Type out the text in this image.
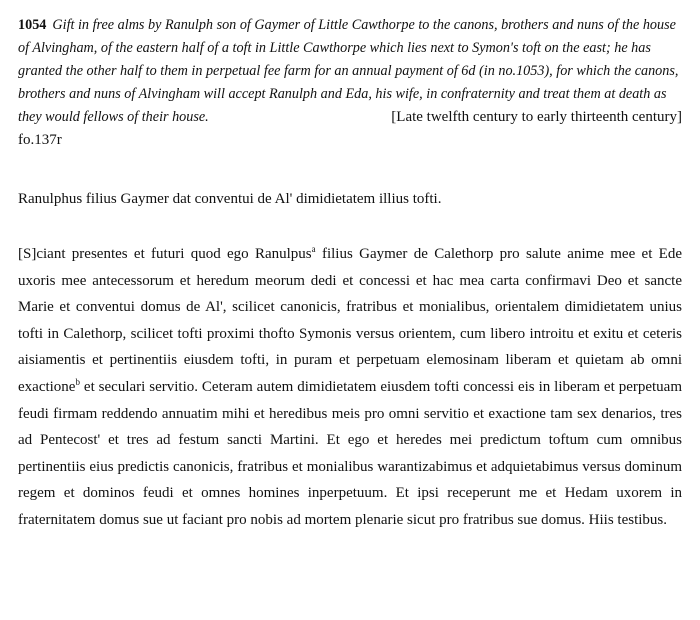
1054 Gift in free alms by Ranulph son of Gaymer of Little Cawthorpe to the canons, brothers and nuns of the house of Alvingham, of the eastern half of a toft in Little Cawthorpe which lies next to Symon's toft on the east; he has granted the other half to them in perpetual fee farm for an annual payment of 6d (in no.1053), for which the canons, brothers and nuns of Alvingham will accept Ranulph and Eda, his wife, in confraternity and treat them at death as they would fellows of their house.	[Late twelfth century to early thirteenth century]

fo.137r

Ranulphus filius Gaymer dat conventui de Al' dimidietatem illius tofti.

[S]ciant presentes et futuri quod ego Ranulpus$^a$ filius Gaymer de Calethorp pro salute anime mee et Ede uxoris mee antecessorum et heredum meorum dedi et concessi et hac mea carta confirmavi Deo et sancte Marie et conventui domus de Al', scilicet canonicis, fratribus et monialibus, orientalem dimidietatem unius tofti in Calethorp, scilicet tofti proximi thofto Symonis versus orientem, cum libero introitu et exitu et ceteris aisiamentis et pertinentiis eiusdem tofti, in puram et perpetuam elemosinam liberam et quietam ab omni exactione$^b$ et seculari servitio. Ceteram autem dimidietatem eiusdem tofti concessi eis in liberam et perpetuam feudi firmam reddendo annuatim mihi et heredibus meis pro omni servitio et exactione tam sex denarios, tres ad Pentecost' et tres ad festum sancti Martini. Et ego et heredes mei predictum toftum cum omnibus pertinentiis eius predictis canonicis, fratribus et monialibus warantizabimus et adquietabimus versus dominum regem et dominos feudi et omnes homines inperpetuum. Et ipsi receperunt me et Hedam uxorem in fraternitatem domus sue ut faciant pro nobis ad mortem plenarie sicut pro fratribus sue domus. Hiis testibus.
